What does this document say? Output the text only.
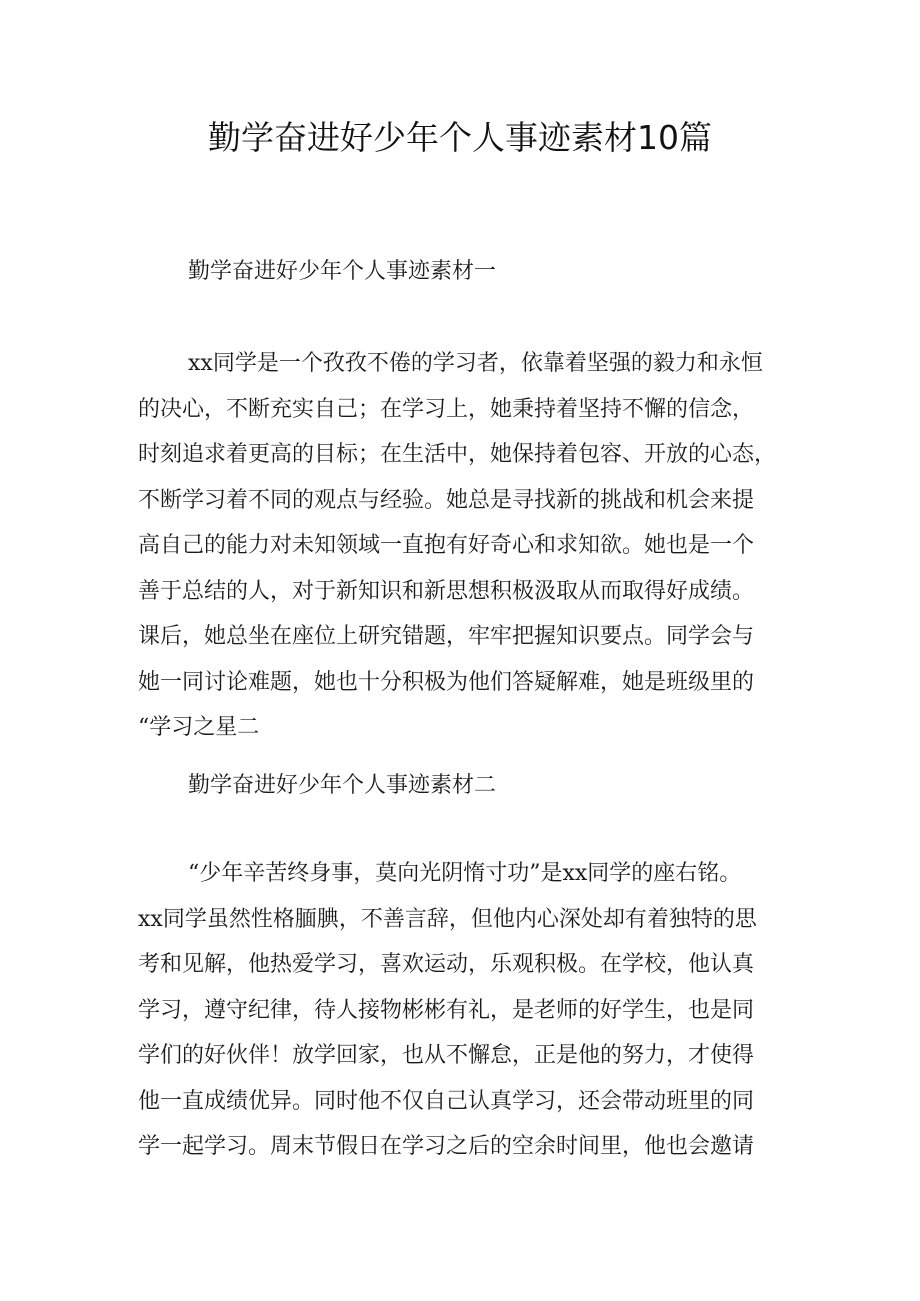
勤学奋进好少年个人事迹素材10篇
勤学奋进好少年个人事迹素材一
xx同学是一个孜孜不倦的学习者，依靠着坚强的毅力和永恒
的决心，不断充实自己；在学习上，她秉持着坚持不懈的信念，
时刻追求着更高的目标；在生活中，她保持着包容、开放的心态，
不断学习着不同的观点与经验。她总是寻找新的挑战和机会来提
高自己的能力对未知领域一直抱有好奇心和求知欲。她也是一个
善于总结的人，对于新知识和新思想积极汲取从而取得好成绩。
课后，她总坐在座位上研究错题，牢牢把握知识要点。同学会与
她一同讨论难题，她也十分积极为他们答疑解难，她是班级里的
“学习之星二
勤学奋进好少年个人事迹素材二
“少年辛苦终身事，莫向光阴惰寸功”是xx同学的座右铭。
xx同学虽然性格腼腆，不善言辞，但他内心深处却有着独特的思
考和见解，他热爱学习，喜欢运动，乐观积极。在学校，他认真
学习，遵守纪律，待人接物彬彬有礼，是老师的好学生，也是同
学们的好伙伴！放学回家，也从不懈怠，正是他的努力，才使得
他一直成绩优异。同时他不仅自己认真学习，还会带动班里的同
学一起学习。周末节假日在学习之后的空余时间里，他也会邀请
